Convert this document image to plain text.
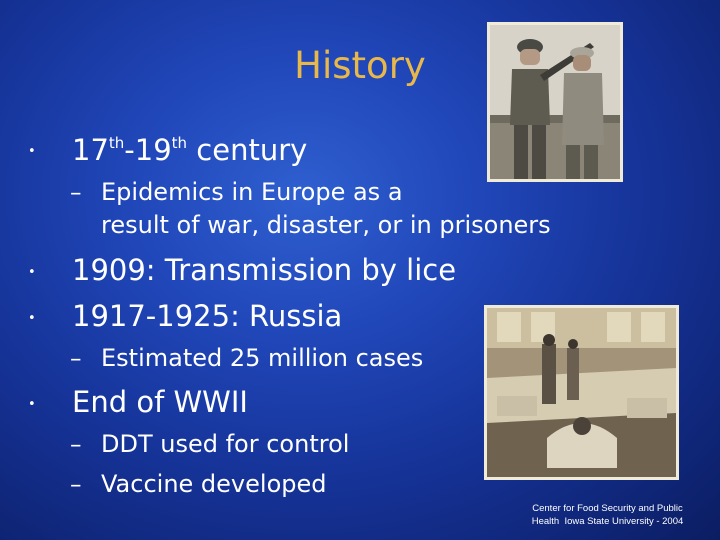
History
• 17th-19th century
– Epidemics in Europe as a
result of war, disaster, or in prisoners
• 1909: Transmission by lice
• 1917-1925: Russia
– Estimated 25 million cases
• End of WWII
– DDT used for control
– Vaccine developed
Center for Food Security and Public
Health  Iowa State University - 2004
